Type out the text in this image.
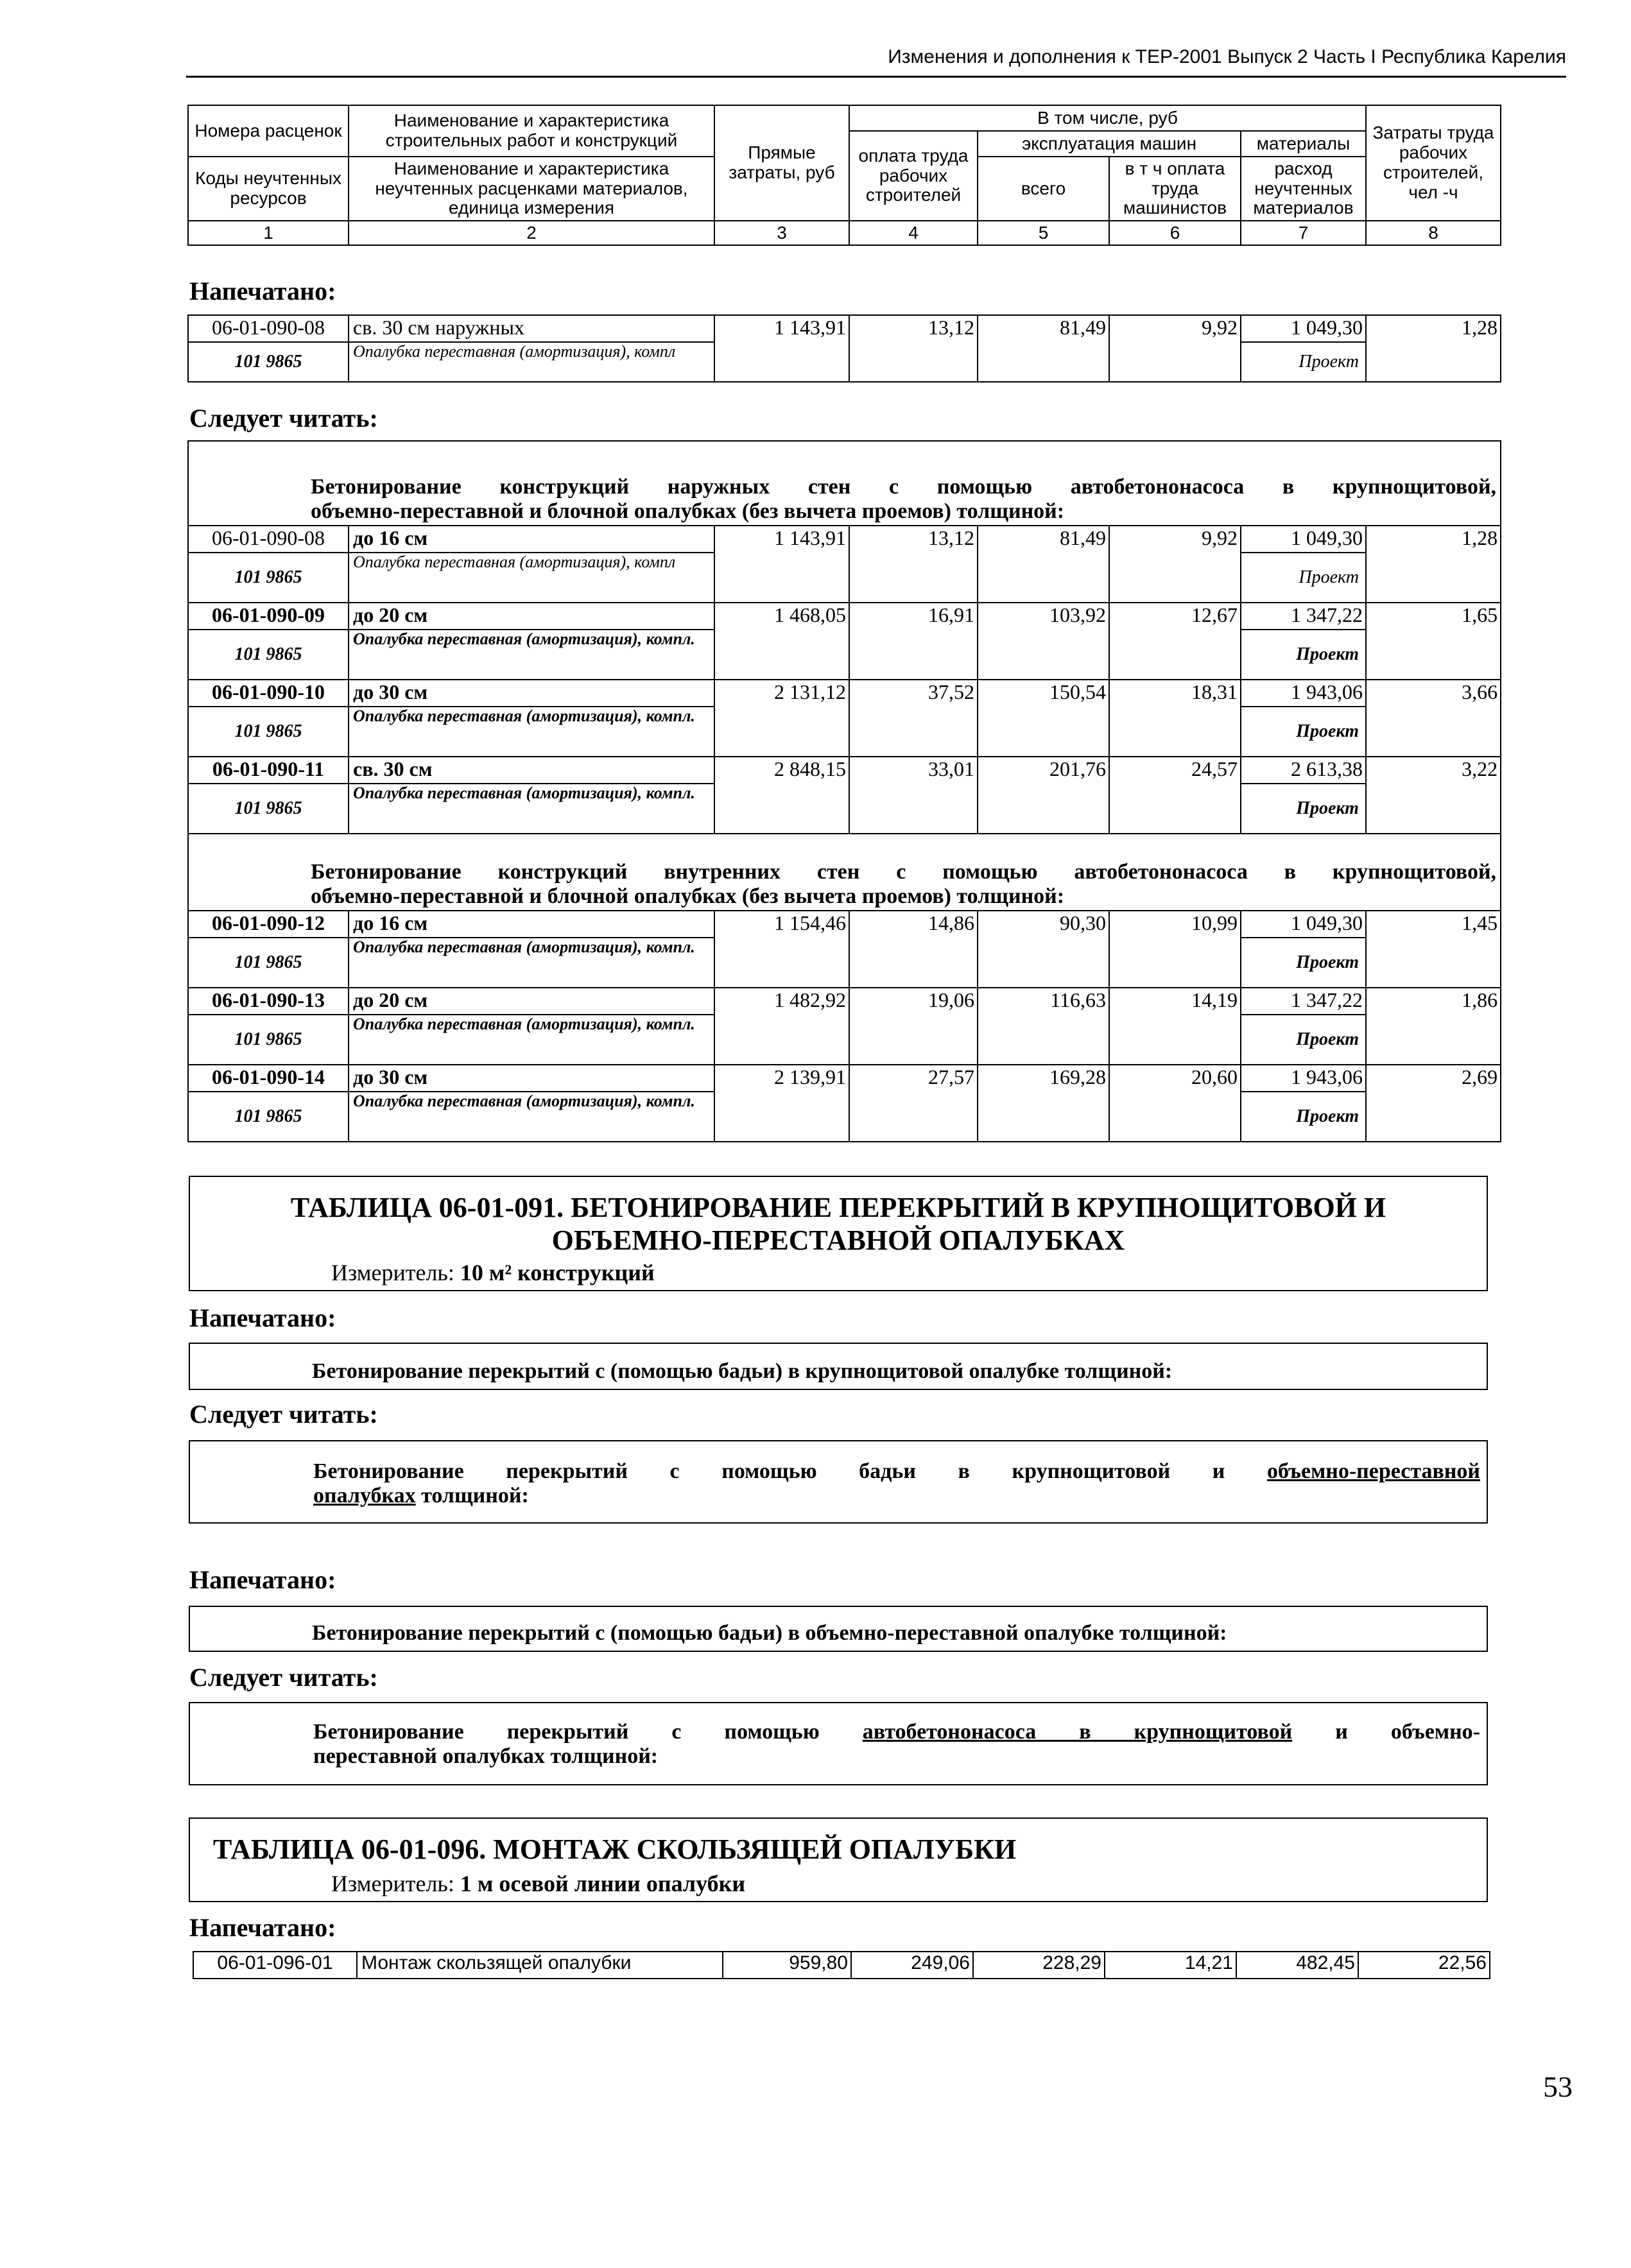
Изменения и дополнения к ТЕР-2001 Выпуск 2 Часть I Республика Карелия
Номера расценок	Наименование и характеристика строительных работ и конструкций	Прямые затраты, руб	В том числе, руб				Затраты труда рабочих строителей, чел -ч
			оплата труда рабочих строителей	эксплуатация машин		материалы	
Коды неучтенных ресурсов	Наименование и характеристика неучтенных расценками материалов, единица измерения			всего	в т ч оплата труда машинистов	расход неучтенных материалов	

1	2	3	4	5	6	7	8
Напечатано:
06-01-090-08	св. 30 см наружных	1 143,91	13,12	81,49	9,92	1 049,30	1,28
101 9865	Опалубка переставная (амортизация), компл					Проект	
Следует читать:
Бетонирование конструкций наружных стен с помощью автобетононасоса в крупнощитовой,
объемно-переставной и блочной опалубках (без вычета проемов) толщиной:							

06-01-090-08	до 16 см	1 143,91	13,12	81,49	9,92	1 049,30	1,28
101 9865	Опалубка переставная (амортизация), компл					Проект	
06-01-090-09	до 20 см	1 468,05	16,91	103,92	12,67	1 347,22	1,65
101 9865	Опалубка переставная (амортизация), компл.					Проект	
06-01-090-10	до 30 см	2 131,12	37,52	150,54	18,31	1 943,06	3,66
101 9865	Опалубка переставная (амортизация), компл.					Проект	
06-01-090-11	св. 30 см	2 848,15	33,01	201,76	24,57	2 613,38	3,22
101 9865	Опалубка переставная (амортизация), компл.					Проект	

Бетонирование конструкций внутренних стен с помощью автобетононасоса в крупнощитовой,
объемно-переставной и блочной опалубках (без вычета проемов) толщиной:							

06-01-090-12	до 16 см	1 154,46	14,86	90,30	10,99	1 049,30	1,45
101 9865	Опалубка переставная (амортизация), компл.					Проект	
06-01-090-13	до 20 см	1 482,92	19,06	116,63	14,19	1 347,22	1,86
101 9865	Опалубка переставная (амортизация), компл.					Проект	
06-01-090-14	до 30 см	2 139,91	27,57	169,28	20,60	1 943,06	2,69
101 9865	Опалубка переставная (амортизация), компл.					Проект	
ТАБЛИЦА 06-01-091. БЕТОНИРОВАНИЕ ПЕРЕКРЫТИЙ В КРУПНОЩИТОВОЙ И
ОБЪЕМНО-ПЕРЕСТАВНОЙ ОПАЛУБКАХ
Измеритель: 10 м² конструкций
Напечатано:
Бетонирование перекрытий с (помощью бадьи) в крупнощитовой опалубке толщиной:
Следует читать:
Бетонирование перекрытий с помощью бадьи в крупнощитовой и объемно-переставной
опалубках толщиной:
Напечатано:
Бетонирование перекрытий с (помощью бадьи) в объемно-переставной опалубке толщиной:
Следует читать:
Бетонирование перекрытий с помощью автобетононасоса в крупнощитовой и объемно-
переставной опалубках толщиной:
ТАБЛИЦА 06-01-096. МОНТАЖ СКОЛЬЗЯЩЕЙ ОПАЛУБКИ
Измеритель: 1 м осевой линии опалубки
Напечатано:
06-01-096-01	Монтаж скользящей опалубки	959,80	249,06	228,29	14,21	482,45	22,56
53
